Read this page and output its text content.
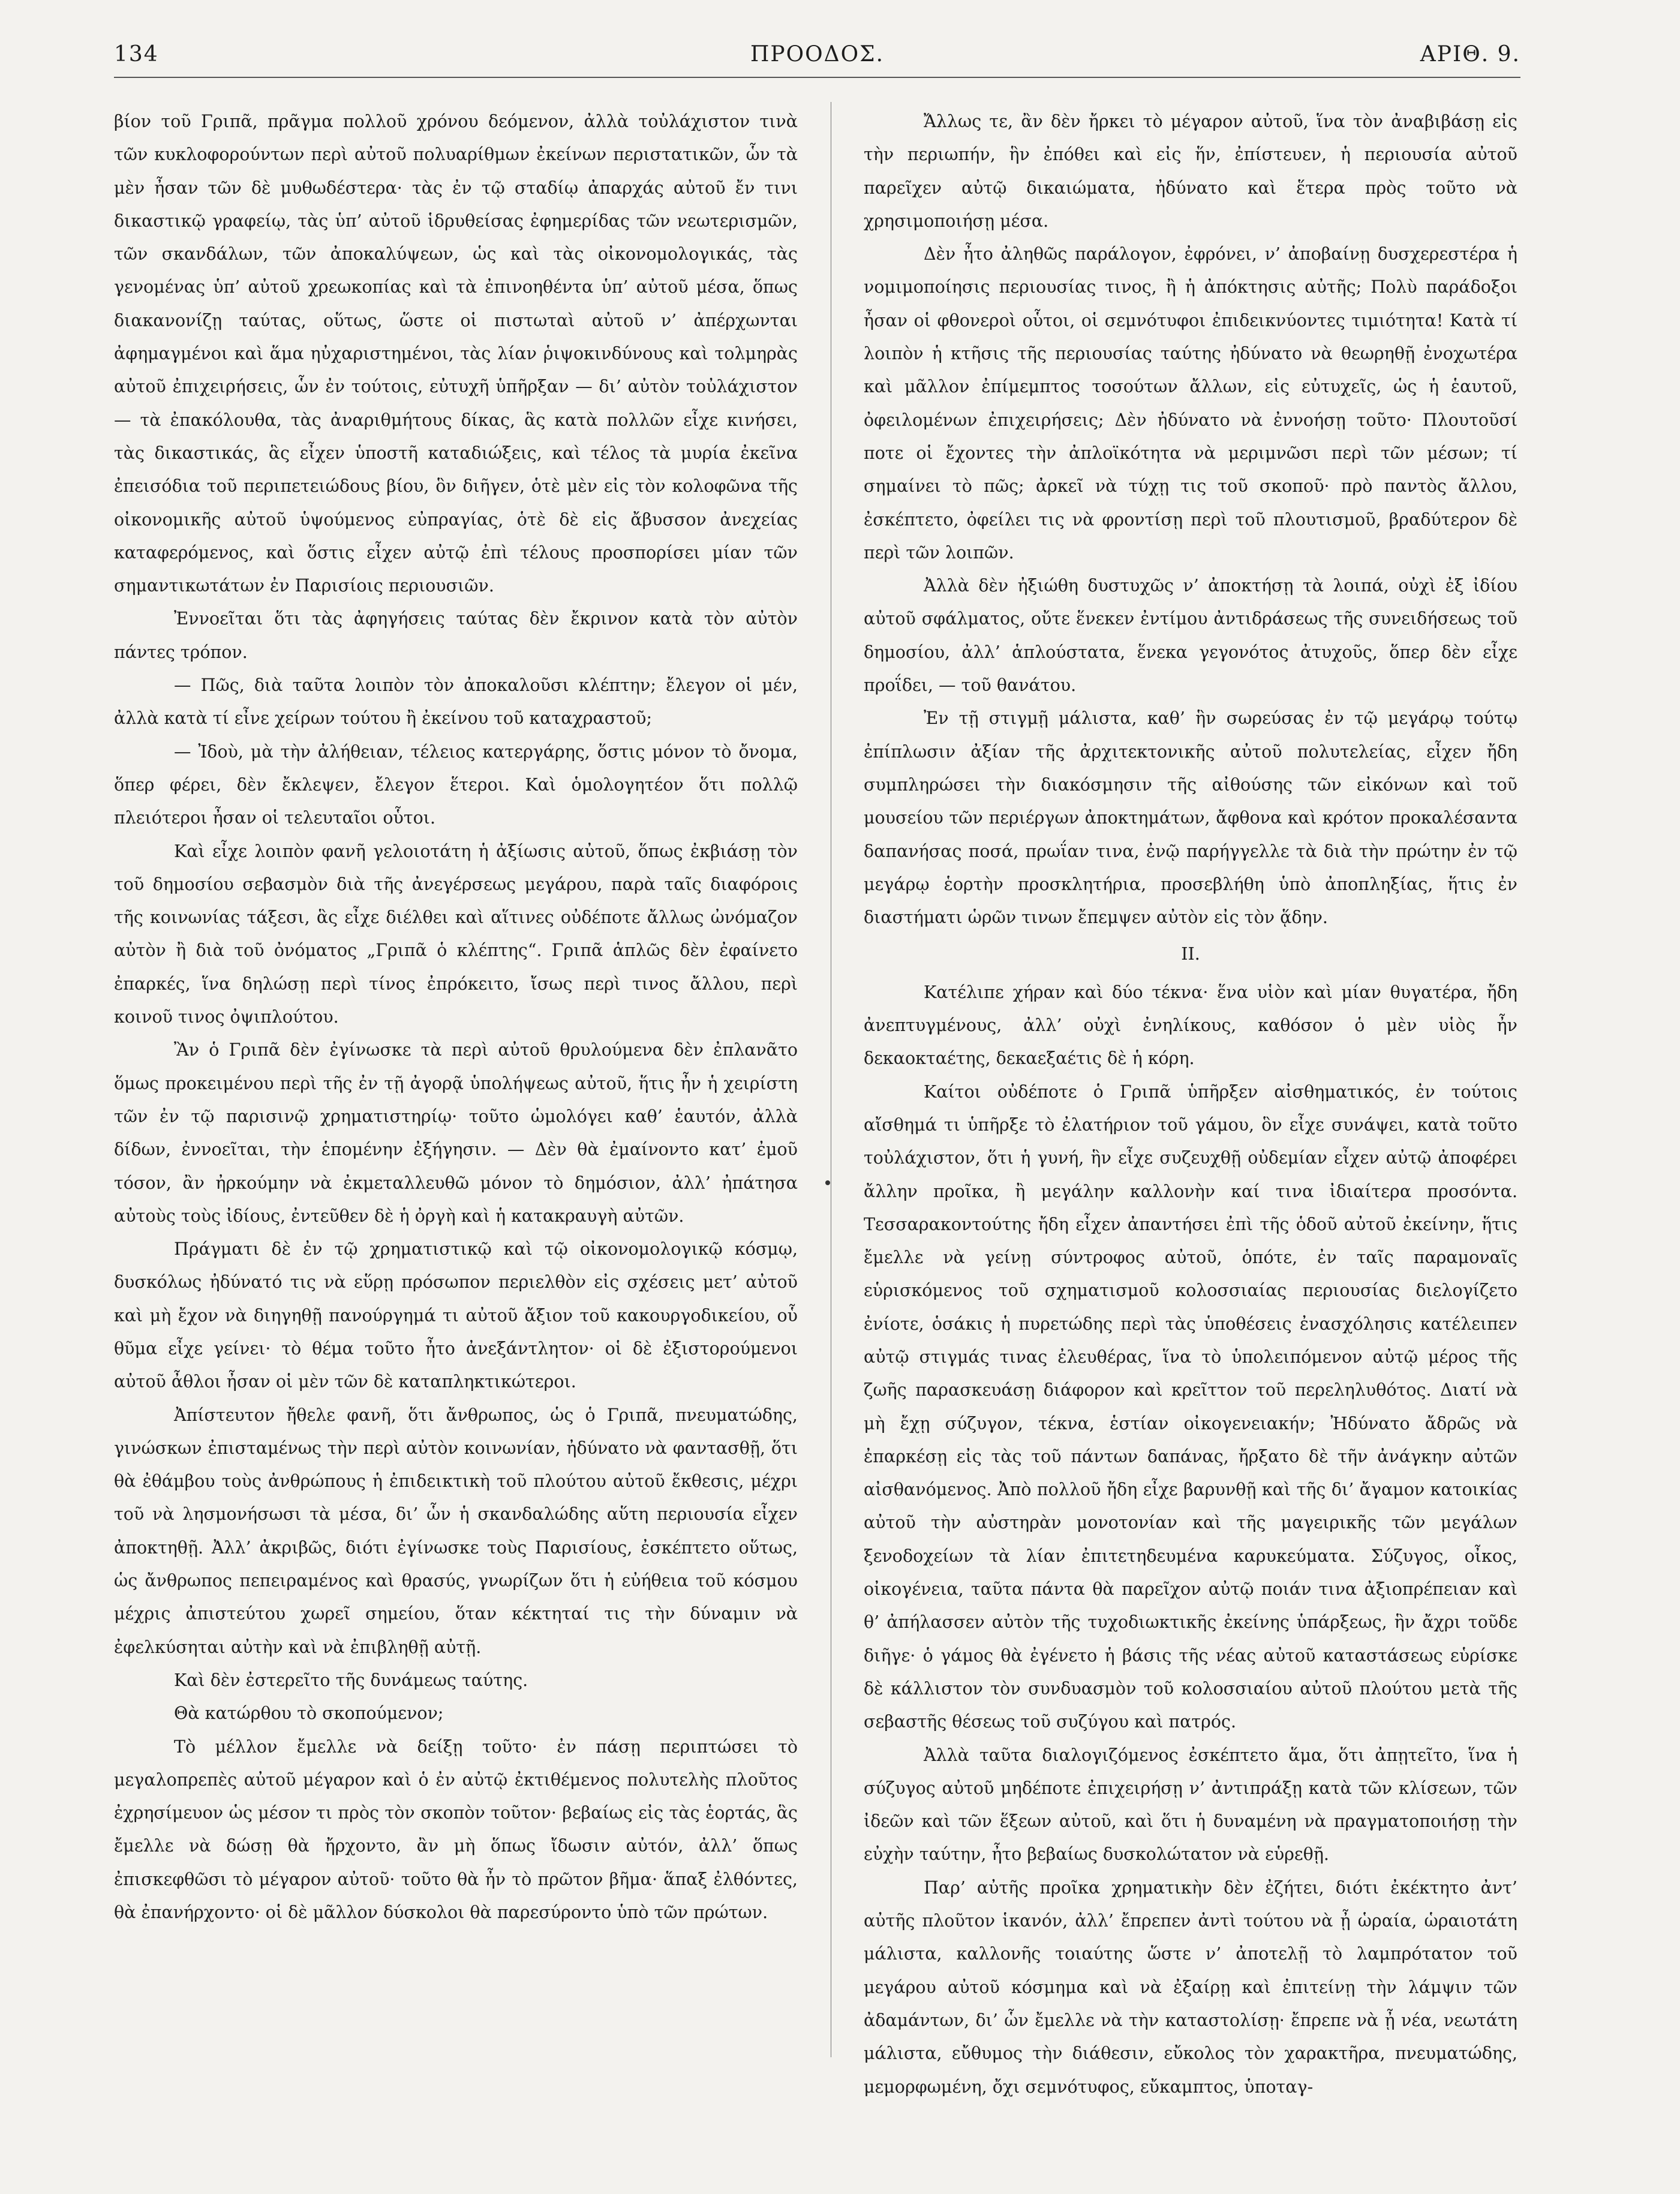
134	ΠΡΟΟΔΟΣ.	ΑΡΙΘ. 9.

βίον τοῦ Γριπᾶ, πρᾶγμα πολλοῦ χρόνου δεόμενον, ἀλλὰ τοὐλάχιστον τινὰ τῶν κυκλοφορούντων περὶ αὐτοῦ πολυαρίθμων ἐκείνων περιστατικῶν, ὧν τὰ μὲν ἦσαν τῶν δὲ μυθωδέστερα· τὰς ἐν τῷ σταδίῳ ἀπαρχάς αὐτοῦ ἔν τινι δικαστικῷ γραφείῳ, τὰς ὑπ’ αὐτοῦ ἱδρυθείσας ἐφημερίδας τῶν νεωτερισμῶν, τῶν σκανδάλων, τῶν ἀποκαλύψεων, ὡς καὶ τὰς οἰκονομολογικάς, τὰς γενομένας ὑπ’ αὐτοῦ χρεωκοπίας καὶ τὰ ἐπινοηθέντα ὑπ’ αὐτοῦ μέσα, ὅπως διακανονίζῃ ταύτας, οὕτως, ὥστε οἱ πιστωταὶ αὐτοῦ ν’ ἀπέρχωνται ἀφημαγμένοι καὶ ἅμα ηὐχαριστημένοι, τὰς λίαν ῥιψοκινδύνους καὶ τολμηρὰς αὐτοῦ ἐπιχειρήσεις, ὧν ἐν τούτοις, εὐτυχῆ ὑπῆρξαν — δι’ αὐτὸν τοὐλάχιστον — τὰ ἐπακόλουθα, τὰς ἀναριθμήτους δίκας, ἃς κατὰ πολλῶν εἶχε κινήσει, τὰς δικαστικάς, ἃς εἶχεν ὑποστῆ καταδιώξεις, καὶ τέλος τὰ μυρία ἐκεῖνα ἐπεισόδια τοῦ περιπετειώδους βίου, ὃν διῆγεν, ὁτὲ μὲν εἰς τὸν κολοφῶνα τῆς οἰκονομικῆς αὐτοῦ ὑψούμενος εὐπραγίας, ὁτὲ δὲ εἰς ἄβυσσον ἀνεχείας καταφερόμενος, καὶ ὅστις εἶχεν αὐτῷ ἐπὶ τέλους προσπορίσει μίαν τῶν σημαντικωτάτων ἐν Παρισίοις περιουσιῶν.

Ἐννοεῖται ὅτι τὰς ἀφηγήσεις ταύτας δὲν ἔκρινον κατὰ τὸν αὐτὸν πάντες τρόπον.

— Πῶς, διὰ ταῦτα λοιπὸν τὸν ἀποκαλοῦσι κλέπτην; ἔλεγον οἱ μέν, ἀλλὰ κατὰ τί εἶνε χείρων τούτου ἢ ἐκείνου τοῦ καταχραστοῦ;

— Ἰδοὺ, μὰ τὴν ἀλήθειαν, τέλειος κατεργάρης, ὅστις μόνον τὸ ὄνομα, ὅπερ φέρει, δὲν ἔκλεψεν, ἔλεγον ἕτεροι. Καὶ ὁμολογητέον ὅτι πολλῷ πλειότεροι ἦσαν οἱ τελευταῖοι οὗτοι.

Καὶ εἶχε λοιπὸν φανῆ γελοιοτάτη ἡ ἀξίωσις αὐτοῦ, ὅπως ἐκβιάσῃ τὸν τοῦ δημοσίου σεβασμὸν διὰ τῆς ἀνεγέρσεως μεγάρου, παρὰ ταῖς διαφόροις τῆς κοινωνίας τάξεσι, ἃς εἶχε διέλθει καὶ αἵτινες οὐδέποτε ἄλλως ὠνόμαζον αὐτὸν ἢ διὰ τοῦ ὀνόματος „Γριπᾶ ὁ κλέπτης“. Γριπᾶ ἁπλῶς δὲν ἐφαίνετο ἐπαρκές, ἵνα δηλώσῃ περὶ τίνος ἐπρόκειτο, ἴσως περὶ τινος ἄλλου, περὶ κοινοῦ τινος ὀψιπλούτου.

Ἂν ὁ Γριπᾶ δὲν ἐγίνωσκε τὰ περὶ αὐτοῦ θρυλούμενα δὲν ἐπλανᾶτο ὅμως προκειμένου περὶ τῆς ἐν τῇ ἀγορᾷ ὑπολήψεως αὐτοῦ, ἥτις ἦν ἡ χειρίστη τῶν ἐν τῷ παρισινῷ χρηματιστηρίῳ· τοῦτο ὡμολόγει καθ’ ἑαυτόν, ἀλλὰ δίδων, ἐννοεῖται, τὴν ἑπομένην ἐξήγησιν. — Δὲν θὰ ἐμαίνοντο κατ’ ἐμοῦ τόσον, ἂν ἠρκούμην νὰ ἐκμεταλλευθῶ μόνον τὸ δημόσιον, ἀλλ’ ἠπάτησα αὐτοὺς τοὺς ἰδίους, ἐντεῦθεν δὲ ἡ ὀργὴ καὶ ἡ κατακραυγὴ αὐτῶν.

Πράγματι δὲ ἐν τῷ χρηματιστικῷ καὶ τῷ οἰκονομολογικῷ κόσμῳ, δυσκόλως ἠδύνατό τις νὰ εὕρῃ πρόσωπον περιελθὸν εἰς σχέσεις μετ’ αὐτοῦ καὶ μὴ ἔχον νὰ διηγηθῇ πανούργημά τι αὐτοῦ ἄξιον τοῦ κακουργοδικείου, οὗ θῦμα εἶχε γείνει· τὸ θέμα τοῦτο ἦτο ἀνεξάντλητον· οἱ δὲ ἐξιστορούμενοι αὐτοῦ ἆθλοι ἦσαν οἱ μὲν τῶν δὲ καταπληκτικώτεροι.

Ἀπίστευτον ἤθελε φανῆ, ὅτι ἄνθρωπος, ὡς ὁ Γριπᾶ, πνευματώδης, γινώσκων ἐπισταμένως τὴν περὶ αὐτὸν κοινωνίαν, ἠδύνατο νὰ φαντασθῇ, ὅτι θὰ ἐθάμβου τοὺς ἀνθρώπους ἡ ἐπιδεικτικὴ τοῦ πλούτου αὐτοῦ ἔκθεσις, μέχρι τοῦ νὰ λησμονήσωσι τὰ μέσα, δι’ ὧν ἡ σκανδαλώδης αὕτη περιουσία εἶχεν ἀποκτηθῇ. Ἀλλ’ ἀκριβῶς, διότι ἐγίνωσκε τοὺς Παρισίους, ἐσκέπτετο οὕτως, ὡς ἄνθρωπος πεπειραμένος καὶ θρασύς, γνωρίζων ὅτι ἡ εὐήθεια τοῦ κόσμου μέχρις ἀπιστεύτου χωρεῖ σημείου, ὅταν κέκτηταί τις τὴν δύναμιν νὰ ἐφελκύσηται αὐτὴν καὶ νὰ ἐπιβληθῇ αὐτῇ.

Καὶ δὲν ἐστερεῖτο τῆς δυνάμεως ταύτης.

Θὰ κατώρθου τὸ σκοπούμενον;

Τὸ μέλλον ἔμελλε νὰ δείξῃ τοῦτο· ἐν πάσῃ περιπτώσει τὸ μεγαλοπρεπὲς αὐτοῦ μέγαρον καὶ ὁ ἐν αὐτῷ ἐκτιθέμενος πολυτελὴς πλοῦτος ἐχρησίμευον ὡς μέσον τι πρὸς τὸν σκοπὸν τοῦτον· βεβαίως εἰς τὰς ἑορτάς, ἃς ἔμελλε νὰ δώσῃ θὰ ἤρχοντο, ἂν μὴ ὅπως ἴδωσιν αὐτόν, ἀλλ’ ὅπως ἐπισκεφθῶσι τὸ μέγαρον αὐτοῦ· τοῦτο θὰ ἦν τὸ πρῶτον βῆμα· ἅπαξ ἐλθόντες, θὰ ἐπανήρχοντο· οἱ δὲ μᾶλλον δύσκολοι θὰ παρεσύροντο ὑπὸ τῶν πρώτων.

Ἄλλως τε, ἂν δὲν ἤρκει τὸ μέγαρον αὐτοῦ, ἵνα τὸν ἀναβιβάσῃ εἰς τὴν περιωπήν, ἣν ἐπόθει καὶ εἰς ἥν, ἐπίστευεν, ἡ περιουσία αὐτοῦ παρεῖχεν αὐτῷ δικαιώματα, ἠδύνατο καὶ ἕτερα πρὸς τοῦτο νὰ χρησιμοποιήσῃ μέσα.

Δὲν ἦτο ἀληθῶς παράλογον, ἐφρόνει, ν’ ἀποβαίνῃ δυσχερεστέρα ἡ νομιμοποίησις περιουσίας τινος, ἢ ἡ ἀπόκτησις αὐτῆς; Πολὺ παράδοξοι ἦσαν οἱ φθονεροὶ οὗτοι, οἱ σεμνότυφοι ἐπιδεικνύοντες τιμιότητα! Κατὰ τί λοιπὸν ἡ κτῆσις τῆς περιουσίας ταύτης ἠδύνατο νὰ θεωρηθῇ ἐνοχωτέρα καὶ μᾶλλον ἐπίμεμπτος τοσούτων ἄλλων, εἰς εὐτυχεῖς, ὡς ἡ ἑαυτοῦ, ὀφειλομένων ἐπιχειρήσεις; Δὲν ἠδύνατο νὰ ἐννοήσῃ τοῦτο· Πλουτοῦσί ποτε οἱ ἔχοντες τὴν ἀπλοϊκότητα νὰ μεριμνῶσι περὶ τῶν μέσων; τί σημαίνει τὸ πῶς; ἀρκεῖ νὰ τύχῃ τις τοῦ σκοποῦ· πρὸ παντὸς ἄλλου, ἐσκέπτετο, ὀφείλει τις νὰ φροντίσῃ περὶ τοῦ πλουτισμοῦ, βραδύτερον δὲ περὶ τῶν λοιπῶν.

Ἀλλὰ δὲν ἠξιώθη δυστυχῶς ν’ ἀποκτήσῃ τὰ λοιπά, οὐχὶ ἐξ ἰδίου αὐτοῦ σφάλματος, οὔτε ἕνεκεν ἐντίμου ἀντιδράσεως τῆς συνειδήσεως τοῦ δημοσίου, ἀλλ’ ἁπλούστατα, ἕνεκα γεγονότος ἀτυχοῦς, ὅπερ δὲν εἶχε προΐδει, — τοῦ θανάτου.

Ἐν τῇ στιγμῇ μάλιστα, καθ’ ἣν σωρεύσας ἐν τῷ μεγάρῳ τούτῳ ἐπίπλωσιν ἀξίαν τῆς ἀρχιτεκτονικῆς αὐτοῦ πολυτελείας, εἶχεν ἤδη συμπληρώσει τὴν διακόσμησιν τῆς αἰθούσης τῶν εἰκόνων καὶ τοῦ μουσείου τῶν περιέργων ἀποκτημάτων, ἄφθονα καὶ κρότον προκαλέσαντα δαπανήσας ποσά, πρωΐαν τινα, ἐνῷ παρήγγελλε τὰ διὰ τὴν πρώτην ἐν τῷ μεγάρῳ ἑορτὴν προσκλητήρια, προσεβλήθη ὑπὸ ἀποπληξίας, ἥτις ἐν διαστήματι ὡρῶν τινων ἔπεμψεν αὐτὸν εἰς τὸν ᾅδην.

II.

Κατέλιπε χήραν καὶ δύο τέκνα· ἕνα υἱὸν καὶ μίαν θυγατέρα, ἤδη ἀνεπτυγμένους, ἀλλ’ οὐχὶ ἐνηλίκους, καθόσον ὁ μὲν υἱὸς ἦν δεκαοκταέτης, δεκαεξαέτις δὲ ἡ κόρη.

Καίτοι οὐδέποτε ὁ Γριπᾶ ὑπῆρξεν αἰσθηματικός, ἐν τούτοις αἴσθημά τι ὑπῆρξε τὸ ἐλατήριον τοῦ γάμου, ὃν εἶχε συνάψει, κατὰ τοῦτο τοὐλάχιστον, ὅτι ἡ γυνή, ἣν εἶχε συζευχθῇ οὐδεμίαν εἶχεν αὐτῷ ἀποφέρει ἄλλην προῖκα, ἢ μεγάλην καλλονὴν καί τινα ἰδιαίτερα προσόντα. Τεσσαρακοντούτης ἤδη εἶχεν ἀπαντήσει ἐπὶ τῆς ὁδοῦ αὐτοῦ ἐκείνην, ἥτις ἔμελλε νὰ γείνῃ σύντροφος αὐτοῦ, ὁπότε, ἐν ταῖς παραμοναῖς εὑρισκόμενος τοῦ σχηματισμοῦ κολοσσιαίας περιουσίας διελογίζετο ἐνίοτε, ὁσάκις ἡ πυρετώδης περὶ τὰς ὑποθέσεις ἐνασχόλησις κατέλειπεν αὐτῷ στιγμάς τινας ἐλευθέρας, ἵνα τὸ ὑπολειπόμενον αὐτῷ μέρος τῆς ζωῆς παρασκευάσῃ διάφορον καὶ κρεῖττον τοῦ περεληλυθότος. Διατί νὰ μὴ ἔχῃ σύζυγον, τέκνα, ἑστίαν οἰκογενειακήν; Ἠδύνατο ἄδρῶς νὰ ἐπαρκέσῃ εἰς τὰς τοῦ πάντων δαπάνας, ἤρξατο δὲ τῆν ἀνάγκην αὐτῶν αἰσθανόμενος. Ἀπὸ πολλοῦ ἤδη εἶχε βαρυνθῇ καὶ τῆς δι’ ἄγαμον κατοικίας αὐτοῦ τὴν αὐστηρὰν μονοτονίαν καὶ τῆς μαγειρικῆς τῶν μεγάλων ξενοδοχείων τὰ λίαν ἐπιτετηδευμένα καρυκεύματα. Σύζυγος, οἶκος, οἰκογένεια, ταῦτα πάντα θὰ παρεῖχον αὐτῷ ποιάν τινα ἀξιοπρέπειαν καὶ θ’ ἀπήλασσεν αὐτὸν τῆς τυχοδιωκτικῆς ἐκείνης ὑπάρξεως, ἣν ἄχρι τοῦδε διῆγε· ὁ γάμος θὰ ἐγένετο ἡ βάσις τῆς νέας αὐτοῦ καταστάσεως εὑρίσκε δὲ κάλλιστον τὸν συνδυασμὸν τοῦ κολοσσιαίου αὐτοῦ πλούτου μετὰ τῆς σεβαστῆς θέσεως τοῦ συζύγου καὶ πατρός.

Ἀλλὰ ταῦτα διαλογιζόμενος ἐσκέπτετο ἅμα, ὅτι ἀπῃτεῖτο, ἵνα ἡ σύζυγος αὐτοῦ μηδέποτε ἐπιχειρήσῃ ν’ ἀντιπράξῃ κατὰ τῶν κλίσεων, τῶν ἰδεῶν καὶ τῶν ἕξεων αὐτοῦ, καὶ ὅτι ἡ δυναμένη νὰ πραγματοποιήσῃ τὴν εὐχὴν ταύτην, ἦτο βεβαίως δυσκολώτατον νὰ εὑρεθῇ.

Παρ’ αὐτῆς προῖκα χρηματικὴν δὲν ἐζήτει, διότι ἐκέκτητο ἀντ’ αὐτῆς πλοῦτον ἱκανόν, ἀλλ’ ἔπρεπεν ἀντὶ τούτου νὰ ᾖ ὡραία, ὡραιοτάτη μάλιστα, καλλονῆς τοιαύτης ὥστε ν’ ἀποτελῇ τὸ λαμπρότατον τοῦ μεγάρου αὐτοῦ κόσμημα καὶ νὰ ἐξαίρῃ καὶ ἐπιτείνῃ τὴν λάμψιν τῶν ἀδαμάντων, δι’ ὧν ἔμελλε νὰ τὴν καταστολίσῃ· ἔπρεπε νὰ ᾖ νέα, νεωτάτη μάλιστα, εὔθυμος τὴν διάθεσιν, εὔκολος τὸν χαρακτῆρα, πνευματώδης, μεμορφωμένη, ὄχι σεμνότυφος, εὔκαμπτος, ὑποταγ-
